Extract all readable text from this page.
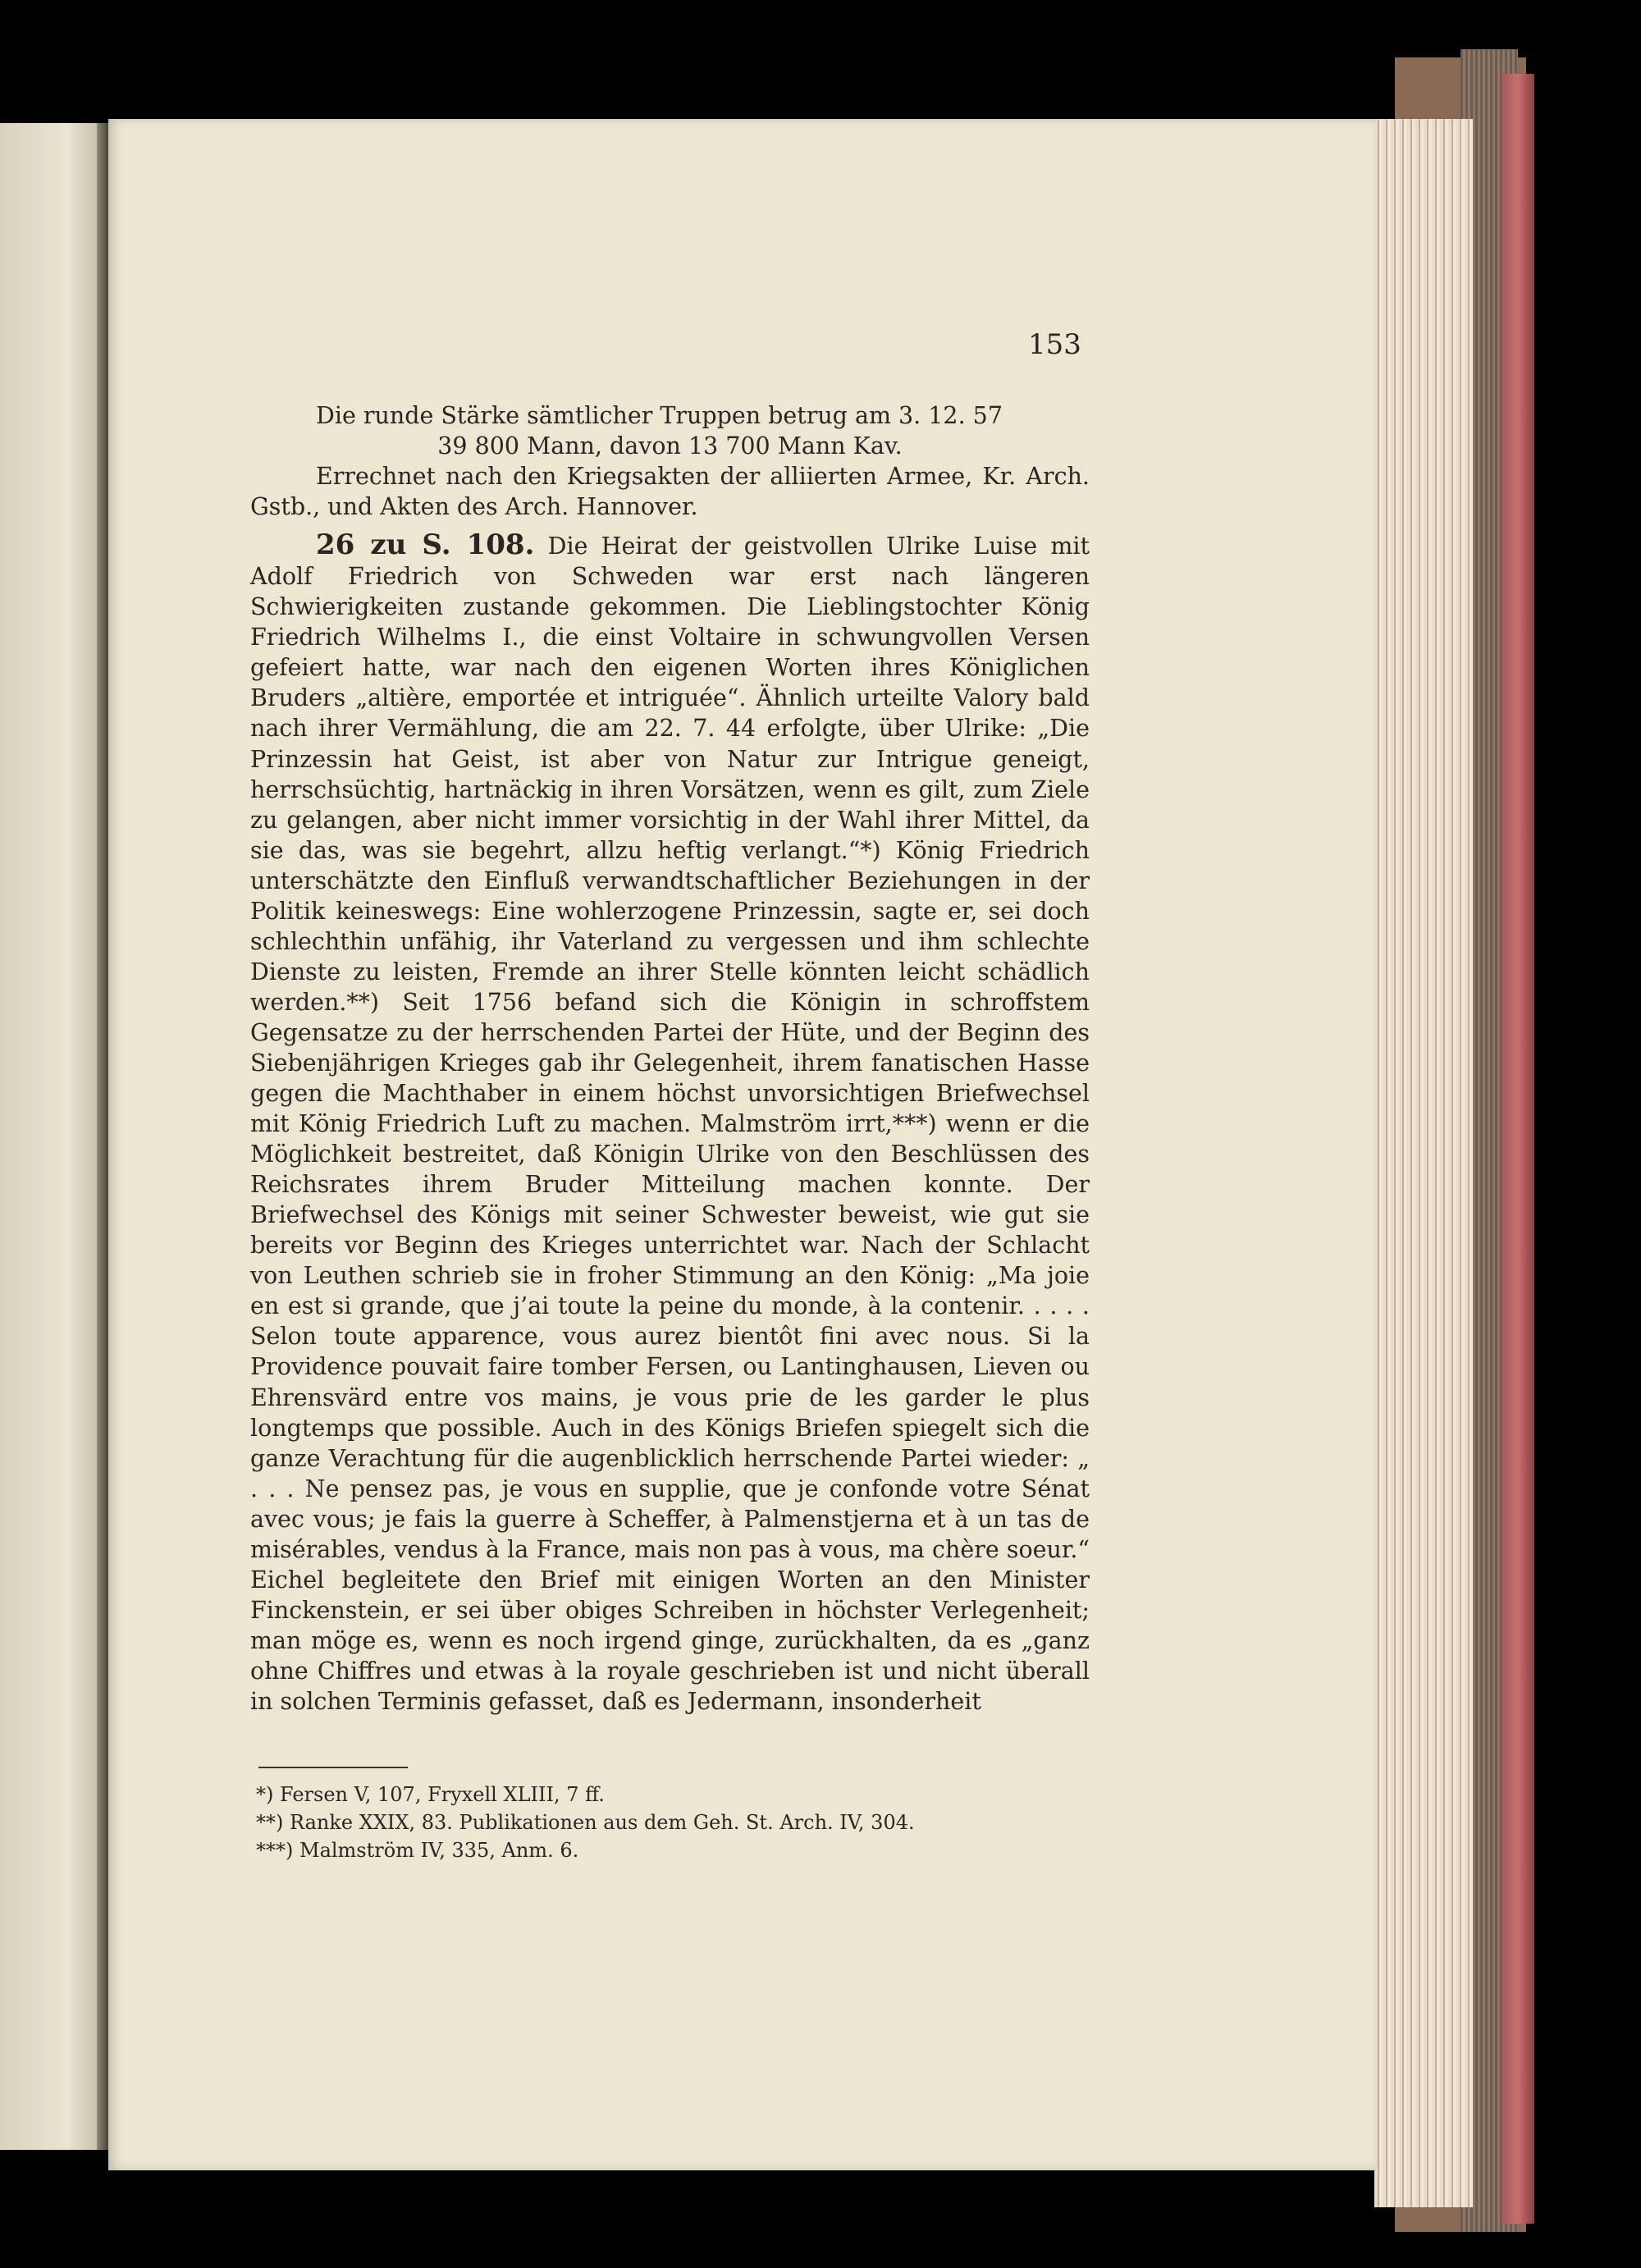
153

Die runde Stärke sämtlicher Truppen betrug am 3. 12. 57

39 800 Mann, davon 13 700 Mann Kav.

Errechnet nach den Kriegsakten der alliierten Armee, Kr. Arch. Gstb., und Akten des Arch. Hannover.

26 zu S. 108. Die Heirat der geistvollen Ulrike Luise mit Adolf Friedrich von Schweden war erst nach längeren Schwierigkeiten zustande gekommen. Die Lieblingstochter König Friedrich Wilhelms I., die einst Voltaire in schwungvollen Versen gefeiert hatte, war nach den eigenen Worten ihres Königlichen Bruders „altière, emportée et intriguée“. Ähnlich urteilte Valory bald nach ihrer Vermählung, die am 22. 7. 44 erfolgte, über Ulrike: „Die Prinzessin hat Geist, ist aber von Natur zur Intrigue geneigt, herrschsüchtig, hartnäckig in ihren Vorsätzen, wenn es gilt, zum Ziele zu gelangen, aber nicht immer vorsichtig in der Wahl ihrer Mittel, da sie das, was sie begehrt, allzu heftig verlangt.“*) König Friedrich unterschätzte den Einfluß verwandtschaftlicher Beziehungen in der Politik keineswegs: Eine wohlerzogene Prinzessin, sagte er, sei doch schlechthin unfähig, ihr Vaterland zu vergessen und ihm schlechte Dienste zu leisten, Fremde an ihrer Stelle könnten leicht schädlich werden.**) Seit 1756 befand sich die Königin in schroffstem Gegensatze zu der herrschenden Partei der Hüte, und der Beginn des Siebenjährigen Krieges gab ihr Gelegenheit, ihrem fanatischen Hasse gegen die Machthaber in einem höchst unvorsichtigen Briefwechsel mit König Friedrich Luft zu machen. Malmström irrt,***) wenn er die Möglichkeit bestreitet, daß Königin Ulrike von den Beschlüssen des Reichsrates ihrem Bruder Mitteilung machen konnte. Der Briefwechsel des Königs mit seiner Schwester beweist, wie gut sie bereits vor Beginn des Krieges unterrichtet war. Nach der Schlacht von Leuthen schrieb sie in froher Stimmung an den König: „Ma joie en est si grande, que j’ai toute la peine du monde, à la contenir. . . . . Selon toute apparence, vous aurez bientôt fini avec nous. Si la Providence pouvait faire tomber Fersen, ou Lantinghausen, Lieven ou Ehrensvärd entre vos mains, je vous prie de les garder le plus longtemps que possible. Auch in des Königs Briefen spiegelt sich die ganze Verachtung für die augenblicklich herrschende Partei wieder: „ . . . Ne pensez pas, je vous en supplie, que je confonde votre Sénat avec vous; je fais la guerre à Scheffer, à Palmenstjerna et à un tas de misérables, vendus à la France, mais non pas à vous, ma chère soeur.“ Eichel begleitete den Brief mit einigen Worten an den Minister Finckenstein, er sei über obiges Schreiben in höchster Verlegenheit; man möge es, wenn es noch irgend ginge, zurückhalten, da es „ganz ohne Chiffres und etwas à la royale geschrieben ist und nicht überall in solchen Terminis gefasset, daß es Jedermann, insonderheit

*) Fersen V, 107, Fryxell XLIII, 7 ff.
**) Ranke XXIX, 83. Publikationen aus dem Geh. St. Arch. IV, 304.
***) Malmström IV, 335, Anm. 6.
